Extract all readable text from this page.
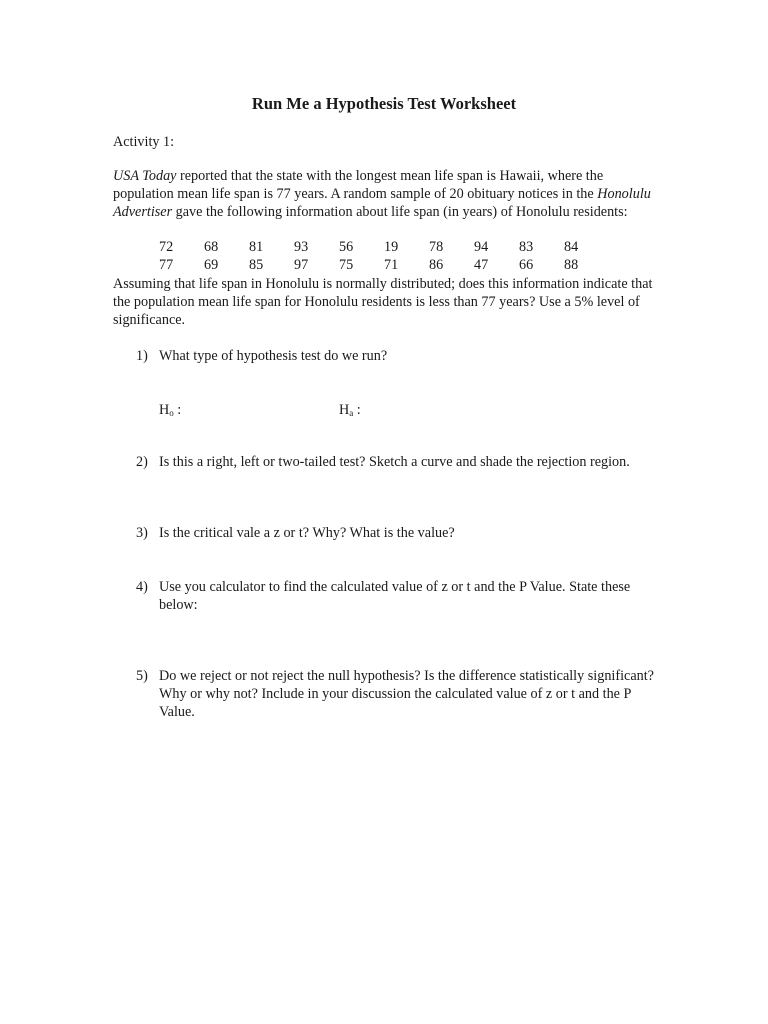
Run Me a Hypothesis Test Worksheet
Activity 1:

USA Today reported that the state with the longest mean life span is Hawaii, where the population mean life span is 77 years. A random sample of 20 obituary notices in the Honolulu Advertiser gave the following information about life span (in years) of Honolulu residents:

72	68	81	93	56	19	78	94	83	84
77	69	85	97	75	71	86	47	66	88

Assuming that life span in Honolulu is normally distributed; does this information indicate that the population mean life span for Honolulu residents is less than 77 years? Use a 5% level of significance.

1) What type of hypothesis test do we run?
$H_o$ :	$H_a$ :
2) Is this a right, left or two-tailed test? Sketch a curve and shade the rejection region.
3) Is the critical vale a z or t? Why? What is the value?
4) Use you calculator to find the calculated value of z or t and the P Value. State these below:
5) Do we reject or not reject the null hypothesis? Is the difference statistically significant? Why or why not? Include in your discussion the calculated value of z or t and the P Value.
